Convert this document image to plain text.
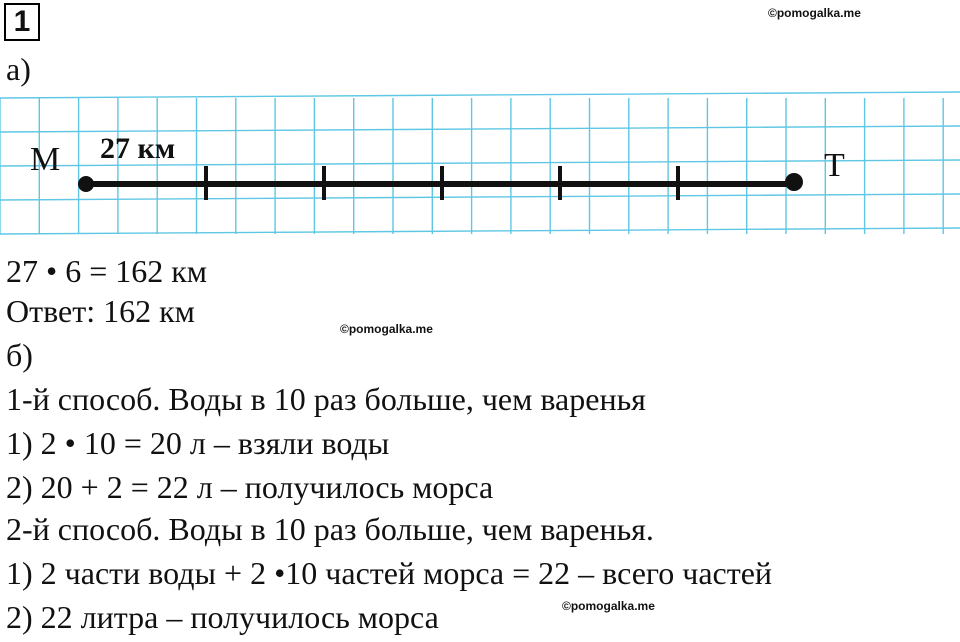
1	©pomogalka.me
©pomogalka.me
©pomogalka.me
а)
М	Т
27 км
27 • 6 = 162 км
Ответ: 162 км
б)
1-й способ. Воды в 10 раз больше, чем варенья
1) 2 • 10 = 20 л – взяли воды
2) 20 + 2 = 22 л – получилось морса
2-й способ. Воды в 10 раз больше, чем варенья.
1) 2 части воды + 2 •10 частей морса = 22 – всего частей
2) 22 литра – получилось морса
